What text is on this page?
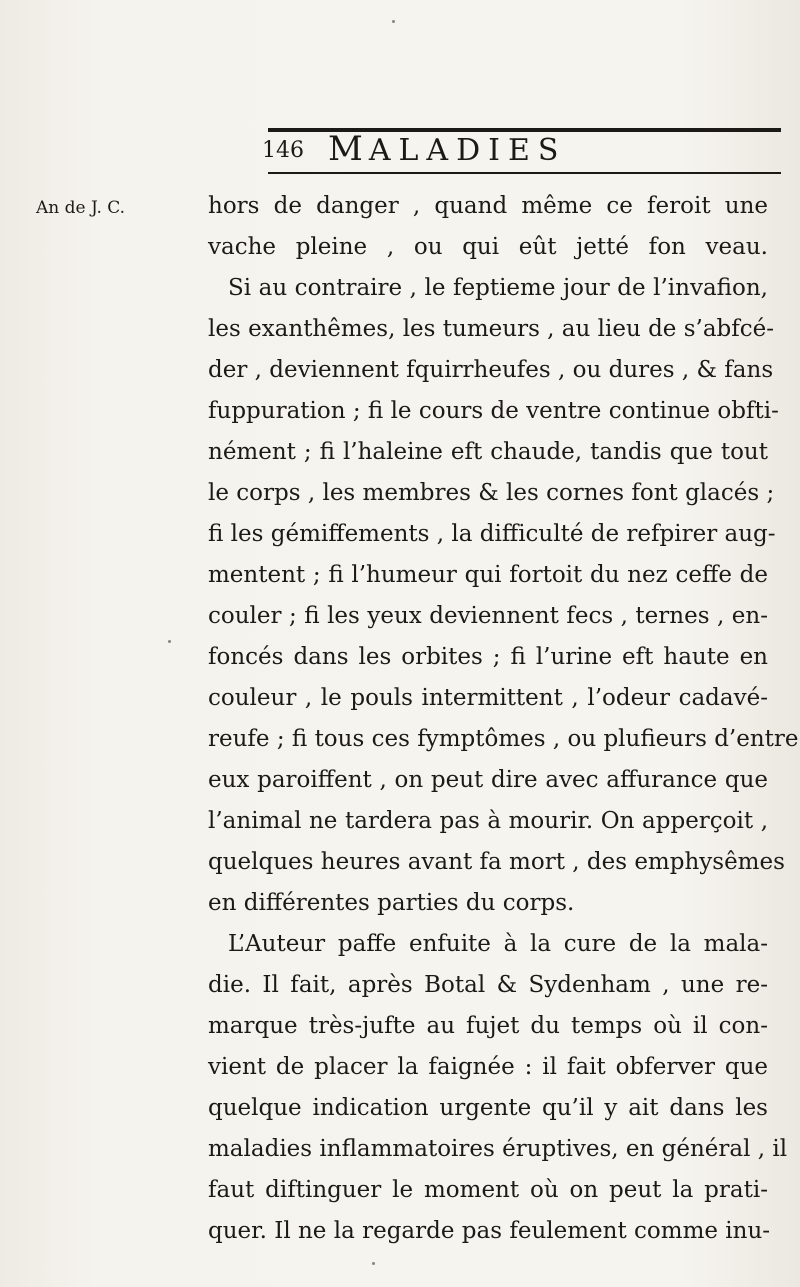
146 MALADIES
An de J. C.	hors de danger , quand même ce feroit une
vache pleine , ou qui eût jetté fon veau.
Si au contraire , le feptieme jour de l’invafion,
les exanthêmes, les tumeurs , au lieu de s’abfcé-
der , deviennent fquirrheufes , ou dures , & fans
fuppuration ; fi le cours de ventre continue obfti-
nément ; fi l’haleine eft chaude, tandis que tout
le corps , les membres & les cornes font glacés ;
fi les gémiffements , la difficulté de refpirer aug-
mentent ; fi l’humeur qui fortoit du nez ceffe de
couler ; fi les yeux deviennent fecs , ternes , en-
foncés dans les orbites ; fi l’urine eft haute en
couleur , le pouls intermittent , l’odeur cadavé-
reufe ; fi tous ces fymptômes , ou plufieurs d’entre
eux paroiffent , on peut dire avec affurance que
l’animal ne tardera pas à mourir. On apperçoit ,
quelques heures avant fa mort , des emphysêmes
en différentes parties du corps.
L’Auteur paffe enfuite à la cure de la mala-
die. Il fait, après Botal & Sydenham , une re-
marque très-jufte au fujet du temps où il con-
vient de placer la faignée : il fait obferver que
quelque indication urgente qu’il y ait dans les
maladies inflammatoires éruptives, en général , il
faut diftinguer le moment où on peut la prati-
quer. Il ne la regarde pas feulement comme inu-
